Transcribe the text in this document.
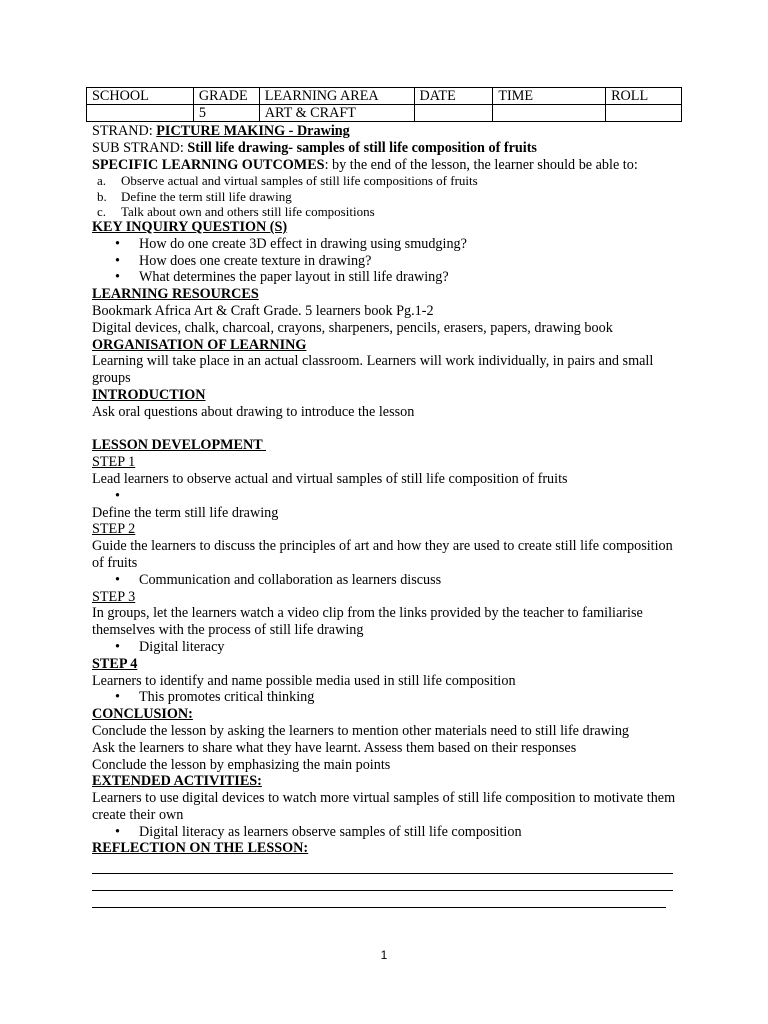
SCHOOL	GRADE	LEARNING AREA	DATE	TIME	ROLL
	5	ART & CRAFT			
STRAND: PICTURE MAKING - Drawing
SUB STRAND: Still life drawing- samples of still life composition of fruits
SPECIFIC LEARNING OUTCOMES: by the end of the lesson, the learner should be able to:
a.	Observe actual and virtual samples of still life compositions of fruits
b.	Define the term still life drawing
c.	Talk about own and others still life compositions
KEY INQUIRY QUESTION (S)
•	How do one create 3D effect in drawing using smudging?
•	How does one create texture in drawing?
•	What determines the paper layout in still life drawing?
LEARNING RESOURCES
Bookmark Africa Art & Craft Grade. 5 learners book Pg.1-2
Digital devices, chalk, charcoal, crayons, sharpeners, pencils, erasers, papers, drawing book
ORGANISATION OF LEARNING
Learning will take place in an actual classroom. Learners will work individually, in pairs and small groups
INTRODUCTION
Ask oral questions about drawing to introduce the lesson
LESSON DEVELOPMENT
STEP 1
Lead learners to observe actual and virtual samples of still life composition of fruits
•
Define the term still life drawing
STEP 2
Guide the learners to discuss the principles of art and how they are used to create still life composition of fruits
•	Communication and collaboration as learners discuss
STEP 3
In groups, let the learners watch a video clip from the links provided by the teacher to familiarise themselves with the process of still life drawing
•	Digital literacy
STEP 4
Learners to identify and name possible media used in still life composition
•	This promotes critical thinking
CONCLUSION:
Conclude the lesson by asking the learners to mention other materials need to still life drawing
Ask the learners to share what they have learnt. Assess them based on their responses
Conclude the lesson by emphasizing the main points
EXTENDED ACTIVITIES:
Learners to use digital devices to watch more virtual samples of still life composition to motivate them create their own
•	Digital literacy as learners observe samples of still life composition
REFLECTION ON THE LESSON:
1
